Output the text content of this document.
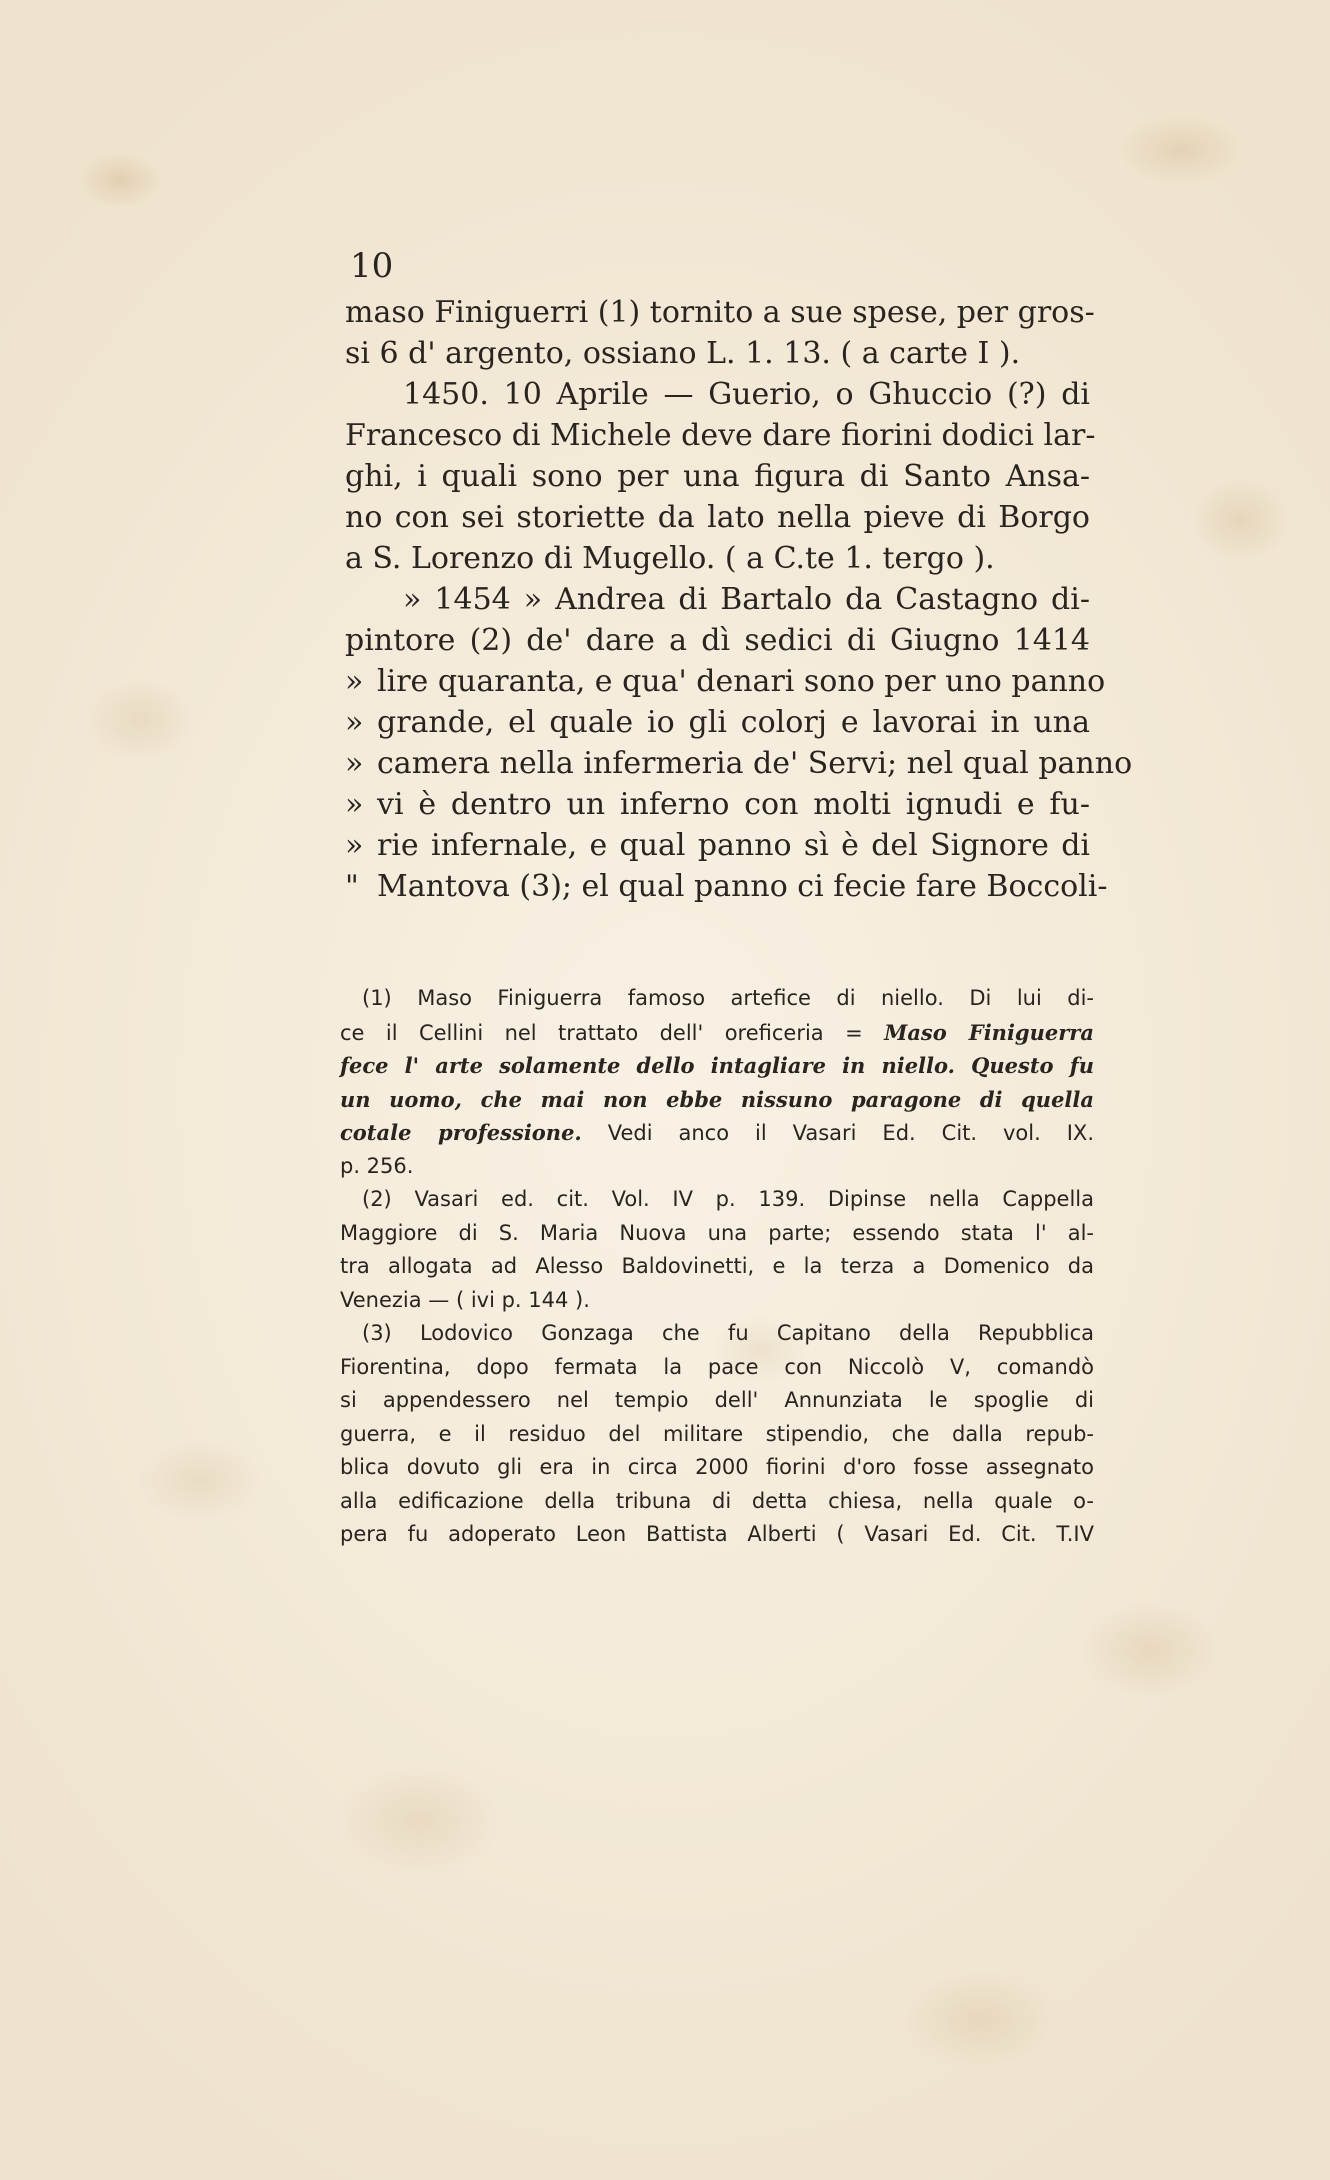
10

maso Finiguerri (1) tornito a sue spese, per gros-
si 6 d' argento, ossiano L. 1. 13. ( a carte I ).
1450. 10 Aprile — Guerio, o Ghuccio (?) di
Francesco di Michele deve dare fiorini dodici lar-
ghi, i quali sono per una figura di Santo Ansa-
no con sei storiette da lato nella pieve di Borgo
a S. Lorenzo di Mugello. ( a C.te 1. tergo ).
» 1454 » Andrea di Bartalo da Castagno di-
pintore (2) de' dare a dì sedici di Giugno 1414
» lire quaranta, e qua' denari sono per uno panno
» grande, el quale io gli colorj e lavorai in una
» camera nella infermeria de' Servi; nel qual panno
» vi è dentro un inferno con molti ignudi e fu-
» rie infernale, e qual panno sì è del Signore di
" Mantova (3); el qual panno ci fecie fare Boccoli-
(1) Maso Finiguerra famoso artefice di niello. Di lui di-
ce il Cellini nel trattato dell' oreficeria = Maso Finiguerra
fece l' arte solamente dello intagliare in niello. Questo fu
un uomo, che mai non ebbe nissuno paragone di quella
cotale professione. Vedi anco il Vasari Ed. Cit. vol. IX.
p. 256.
(2) Vasari ed. cit. Vol. IV p. 139. Dipinse nella Cappella
Maggiore di S. Maria Nuova una parte; essendo stata l' al-
tra allogata ad Alesso Baldovinetti, e la terza a Domenico da
Venezia — ( ivi p. 144 ).
(3) Lodovico Gonzaga che fu Capitano della Repubblica
Fiorentina, dopo fermata la pace con Niccolò V, comandò
si appendessero nel tempio dell' Annunziata le spoglie di
guerra, e il residuo del militare stipendio, che dalla repub-
blica dovuto gli era in circa 2000 fiorini d'oro fosse assegnato
alla edificazione della tribuna di detta chiesa, nella quale o-
pera fu adoperato Leon Battista Alberti ( Vasari Ed. Cit. T.IV
